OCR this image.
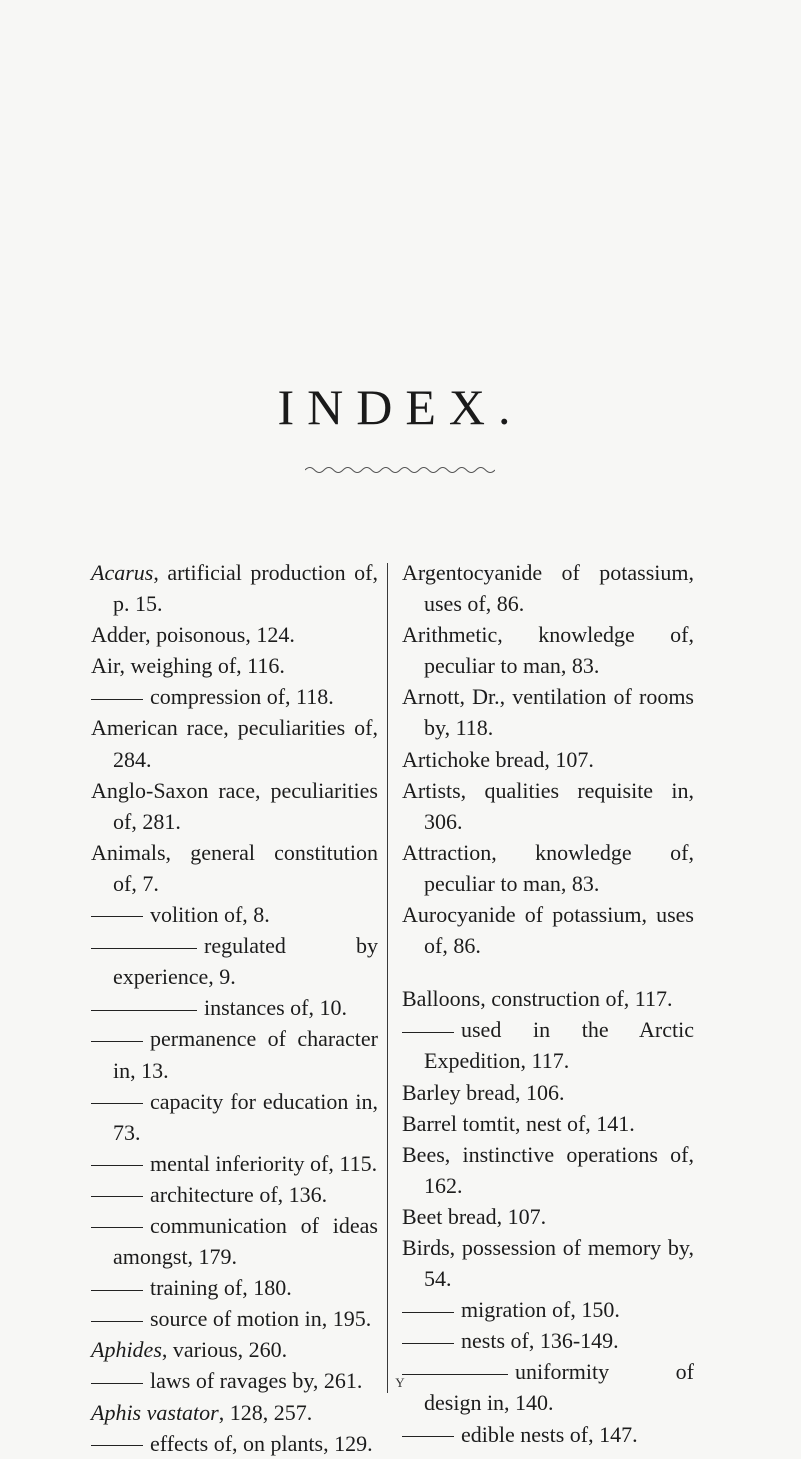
INDEX.
Acarus, artificial production of, p. 15.
Adder, poisonous, 124.
Air, weighing of, 116.
compression of, 118.
American race, peculiarities of, 284.
Anglo-Saxon race, peculiarities of, 281.
Animals, general constitution of, 7.
volition of, 8.
regulated by experience, 9.
instances of, 10.
permanence of character in, 13.
capacity for education in, 73.
mental inferiority of, 115.
architecture of, 136.
communication of ideas amongst, 179.
training of, 180.
source of motion in, 195.
Aphides, various, 260.
laws of ravages by, 261.
Aphis vastator, 128, 257.
effects of, on plants, 129.
Argentocyanide of potassium, uses of, 86.
Arithmetic, knowledge of, peculiar to man, 83.
Arnott, Dr., ventilation of rooms by, 118.
Artichoke bread, 107.
Artists, qualities requisite in, 306.
Attraction, knowledge of, peculiar to man, 83.
Aurocyanide of potassium, uses of, 86.
Balloons, construction of, 117.
used in the Arctic Expedition, 117.
Barley bread, 106.
Barrel tomtit, nest of, 141.
Bees, instinctive operations of, 162.
Beet bread, 107.
Birds, possession of memory by, 54.
migration of, 150.
nests of, 136-149.
uniformity of design in, 140.
edible nests of, 147.
Y
